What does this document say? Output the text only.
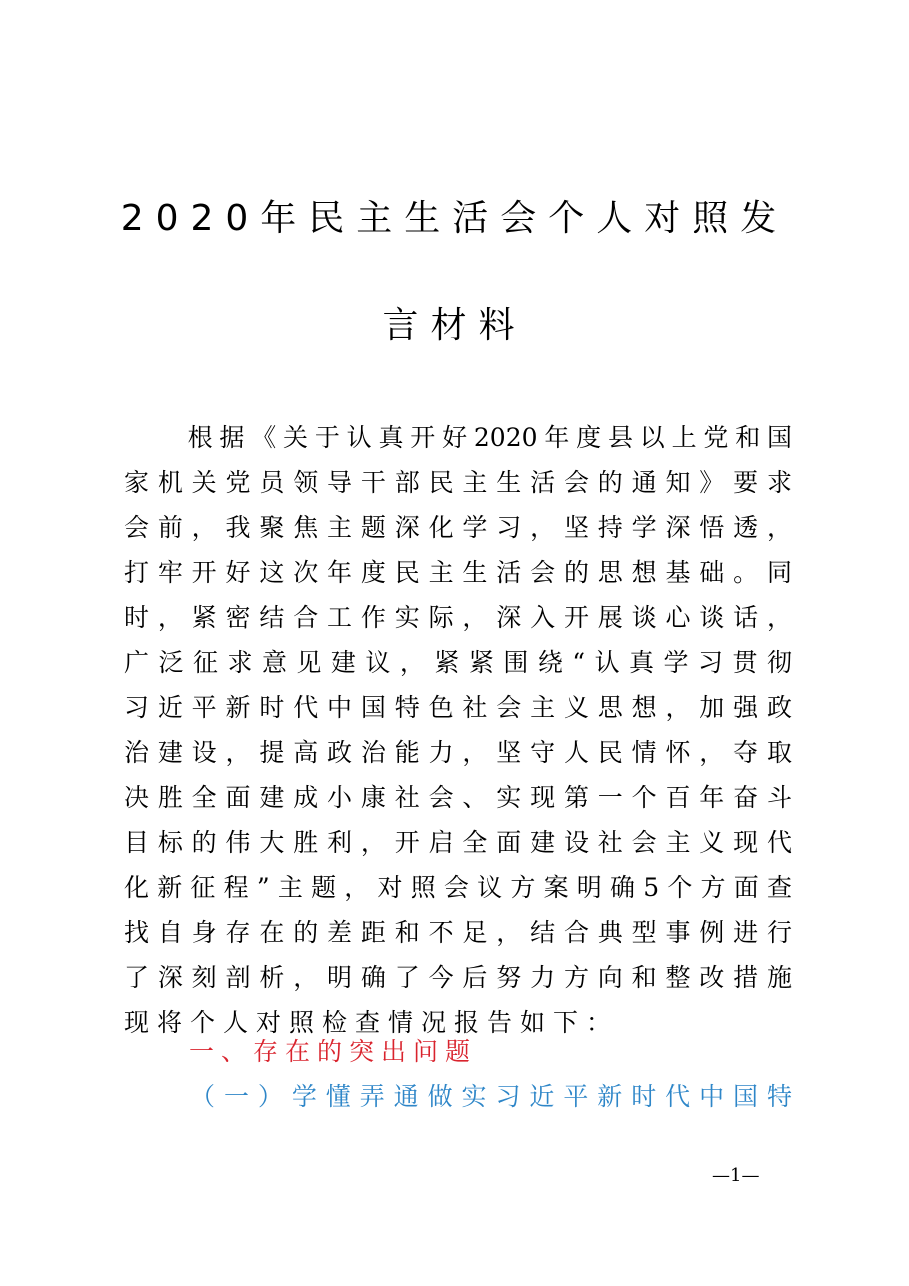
2020年民主生活会个人对照发
言材料
　　根据《关于认真开好2020年度县以上党和国
家机关党员领导干部民主生活会的通知》要求
会前，我聚焦主题深化学习，坚持学深悟透，
打牢开好这次年度民主生活会的思想基础。同
时，紧密结合工作实际，深入开展谈心谈话，
广泛征求意见建议，紧紧围绕“认真学习贯彻
习近平新时代中国特色社会主义思想，加强政
治建设，提高政治能力，坚守人民情怀，夺取
决胜全面建成小康社会、实现第一个百年奋斗
目标的伟大胜利，开启全面建设社会主义现代
化新征程”主题，对照会议方案明确5个方面查
找自身存在的差距和不足，结合典型事例进行
了深刻剖析，明确了今后努力方向和整改措施
现将个人对照检查情况报告如下：
一、存在的突出问题
（一）学懂弄通做实习近平新时代中国特
—1—
